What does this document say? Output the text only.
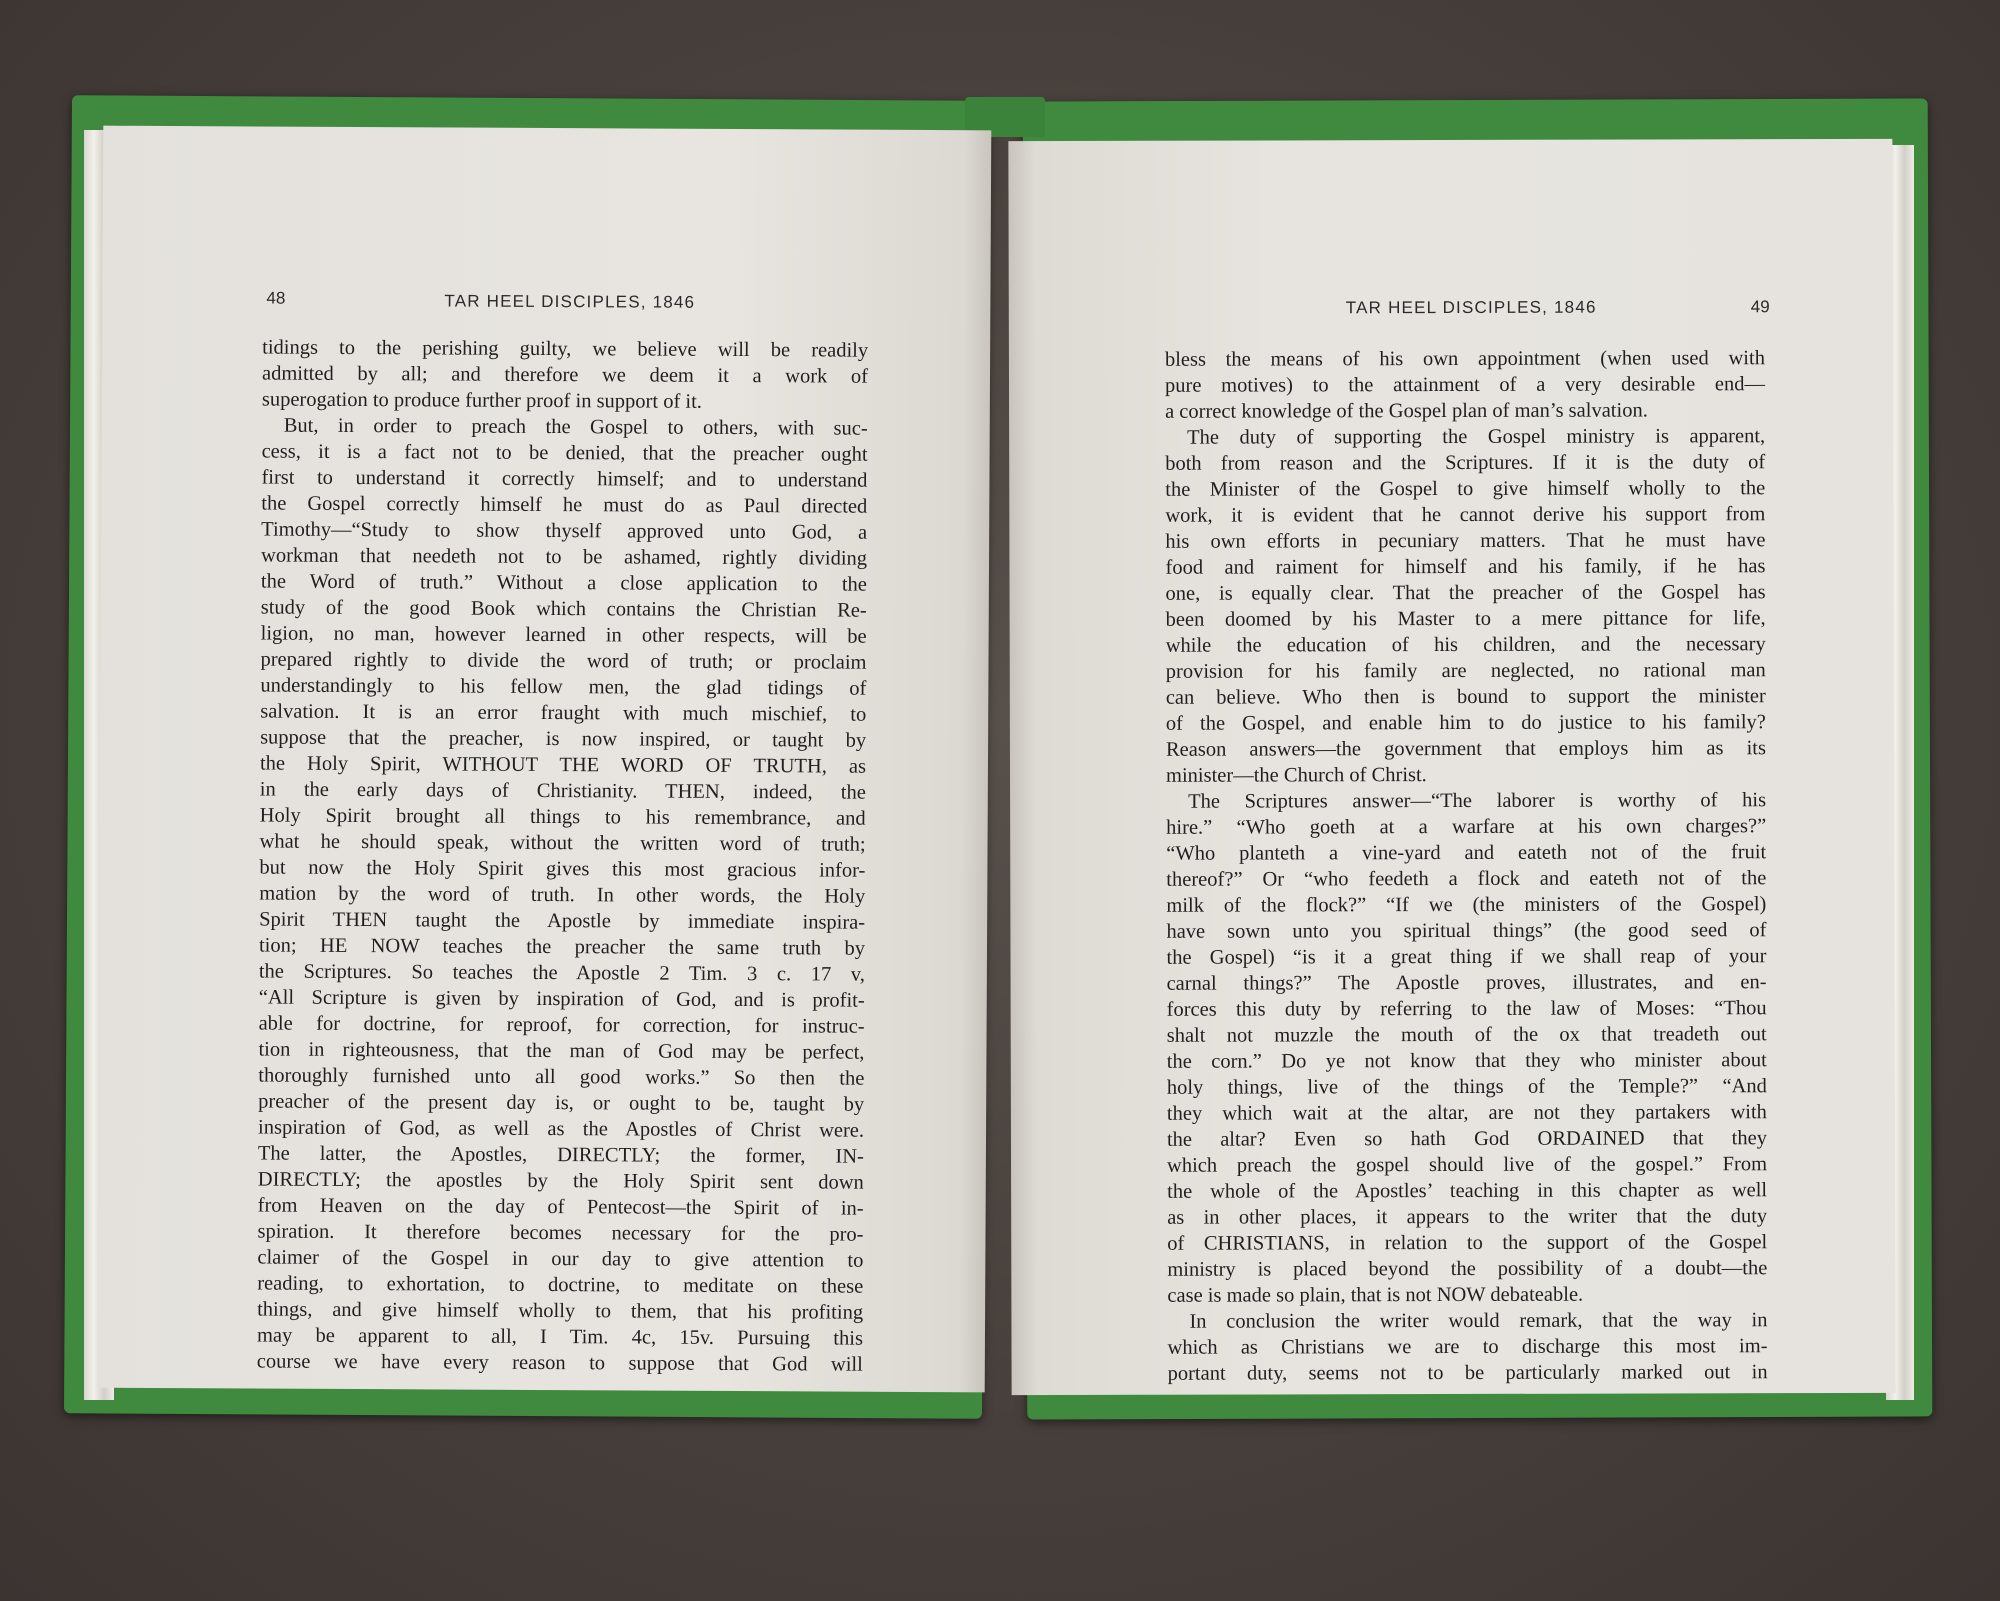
48	TAR HEEL DISCIPLES, 1846
tidings to the perishing guilty, we believe will be readily
admitted by all; and therefore we deem it a work of
superogation to produce further proof in support of it.
But, in order to preach the Gospel to others, with suc-
cess, it is a fact not to be denied, that the preacher ought
first to understand it correctly himself; and to understand
the Gospel correctly himself he must do as Paul directed
Timothy—“Study to show thyself approved unto God, a
workman that needeth not to be ashamed, rightly dividing
the Word of truth.” Without a close application to the
study of the good Book which contains the Christian Re-
ligion, no man, however learned in other respects, will be
prepared rightly to divide the word of truth; or proclaim
understandingly to his fellow men, the glad tidings of
salvation. It is an error fraught with much mischief, to
suppose that the preacher, is now inspired, or taught by
the Holy Spirit, WITHOUT THE WORD OF TRUTH, as
in the early days of Christianity. THEN, indeed, the
Holy Spirit brought all things to his remembrance, and
what he should speak, without the written word of truth;
but now the Holy Spirit gives this most gracious infor-
mation by the word of truth. In other words, the Holy
Spirit THEN taught the Apostle by immediate inspira-
tion; HE NOW teaches the preacher the same truth by
the Scriptures. So teaches the Apostle 2 Tim. 3 c. 17 v,
“All Scripture is given by inspiration of God, and is profit-
able for doctrine, for reproof, for correction, for instruc-
tion in righteousness, that the man of God may be perfect,
thoroughly furnished unto all good works.” So then the
preacher of the present day is, or ought to be, taught by
inspiration of God, as well as the Apostles of Christ were.
The latter, the Apostles, DIRECTLY; the former, IN-
DIRECTLY; the apostles by the Holy Spirit sent down
from Heaven on the day of Pentecost—the Spirit of in-
spiration. It therefore becomes necessary for the pro-
claimer of the Gospel in our day to give attention to
reading, to exhortation, to doctrine, to meditate on these
things, and give himself wholly to them, that his profiting
may be apparent to all, I Tim. 4c, 15v. Pursuing this
course we have every reason to suppose that God will
TAR HEEL DISCIPLES, 1846	49
bless the means of his own appointment (when used with
pure motives) to the attainment of a very desirable end—
a correct knowledge of the Gospel plan of man’s salvation.
The duty of supporting the Gospel ministry is apparent,
both from reason and the Scriptures. If it is the duty of
the Minister of the Gospel to give himself wholly to the
work, it is evident that he cannot derive his support from
his own efforts in pecuniary matters. That he must have
food and raiment for himself and his family, if he has
one, is equally clear. That the preacher of the Gospel has
been doomed by his Master to a mere pittance for life,
while the education of his children, and the necessary
provision for his family are neglected, no rational man
can believe. Who then is bound to support the minister
of the Gospel, and enable him to do justice to his family?
Reason answers—the government that employs him as its
minister—the Church of Christ.
The Scriptures answer—“The laborer is worthy of his
hire.” “Who goeth at a warfare at his own charges?”
“Who planteth a vine-yard and eateth not of the fruit
thereof?” Or “who feedeth a flock and eateth not of the
milk of the flock?” “If we (the ministers of the Gospel)
have sown unto you spiritual things” (the good seed of
the Gospel) “is it a great thing if we shall reap of your
carnal things?” The Apostle proves, illustrates, and en-
forces this duty by referring to the law of Moses: “Thou
shalt not muzzle the mouth of the ox that treadeth out
the corn.” Do ye not know that they who minister about
holy things, live of the things of the Temple?” “And
they which wait at the altar, are not they partakers with
the altar? Even so hath God ORDAINED that they
which preach the gospel should live of the gospel.” From
the whole of the Apostles’ teaching in this chapter as well
as in other places, it appears to the writer that the duty
of CHRISTIANS, in relation to the support of the Gospel
ministry is placed beyond the possibility of a doubt—the
case is made so plain, that is not NOW debateable.
In conclusion the writer would remark, that the way in
which as Christians we are to discharge this most im-
portant duty, seems not to be particularly marked out in
